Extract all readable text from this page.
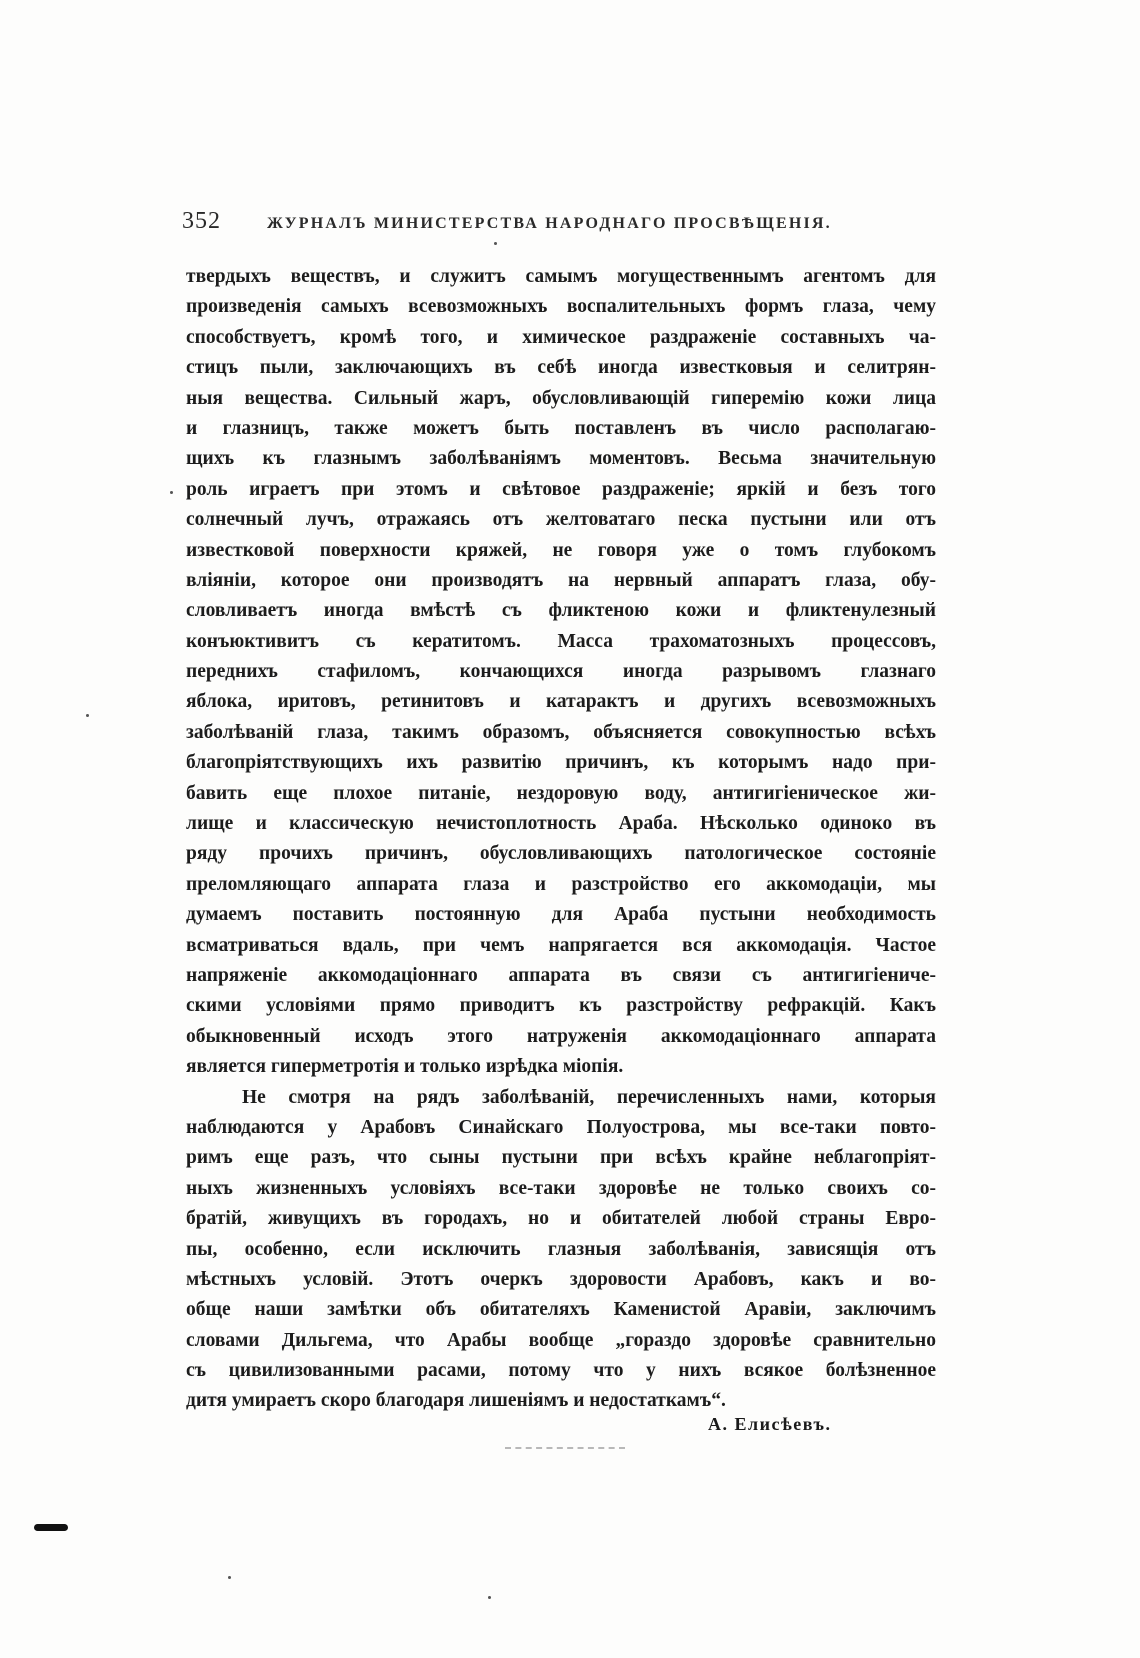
352	ЖУРНАЛЪ МИНИСТЕРСТВА НАРОДНАГО ПРОСВѢЩЕНІЯ.
твердыхъ веществъ, и служитъ самымъ могущественнымъ агентомъ для
произведенія самыхъ всевозможныхъ воспалительныхъ формъ глаза, чему
способствуетъ, кромѣ того, и химическое раздраженіе составныхъ ча-
стицъ пыли, заключающихъ въ себѣ иногда известковыя и селитрян-
ныя вещества. Сильный жаръ, обусловливающій гиперемію кожи лица
и глазницъ, также можетъ быть поставленъ въ число располагаю-
щихъ къ глазнымъ заболѣваніямъ моментовъ. Весьма значительную
роль играетъ при этомъ и свѣтовое раздраженіе; яркій и безъ того
солнечный лучъ, отражаясь отъ желтоватаго песка пустыни или отъ
известковой поверхности кряжей, не говоря уже о томъ глубокомъ
вліяніи, которое они производятъ на нервный аппаратъ глаза, обу-
словливаетъ иногда вмѣстѣ съ фликтеною кожи и фликтенулезный
конъюктивитъ съ кератитомъ. Масса трахоматозныхъ процессовъ,
переднихъ стафиломъ, кончающихся иногда разрывомъ глазнаго
яблока, иритовъ, ретинитовъ и катарактъ и другихъ всевозможныхъ
заболѣваній глаза, такимъ образомъ, объясняется совокупностью всѣхъ
благопріятствующихъ ихъ развитію причинъ, къ которымъ надо при-
бавить еще плохое питаніе, нездоровую воду, антигигіеническое жи-
лище и классическую нечистоплотность Араба. Нѣсколько одиноко въ
ряду прочихъ причинъ, обусловливающихъ патологическое состояніе
преломляющаго аппарата глаза и разстройство его аккомодаціи, мы
думаемъ поставить постоянную для Араба пустыни необходимость
всматриваться вдаль, при чемъ напрягается вся аккомодація. Частое
напряженіе аккомодаціоннаго аппарата въ связи съ антигигіениче-
скими условіями прямо приводитъ къ разстройству рефракцій. Какъ
обыкновенный исходъ этого натруженія аккомодаціоннаго аппарата
является гиперметротія и только изрѣдка міопія.
Не смотря на рядъ заболѣваній, перечисленныхъ нами, которыя
наблюдаются у Арабовъ Синайскаго Полуострова, мы все-таки повто-
римъ еще разъ, что сыны пустыни при всѣхъ крайне неблагопріят-
ныхъ жизненныхъ условіяхъ все-таки здоровѣе не только своихъ со-
братій, живущихъ въ городахъ, но и обитателей любой страны Евро-
пы, особенно, если исключить глазныя заболѣванія, зависящія отъ
мѣстныхъ условій. Этотъ очеркъ здоровости Арабовъ, какъ и во-
обще наши замѣтки объ обитателяхъ Каменистой Аравіи, заключимъ
словами Дильгема, что Арабы вообще „гораздо здоровѣе сравнительно
съ цивилизованными расами, потому что у нихъ всякое болѣзненное
дитя умираетъ скоро благодаря лишеніямъ и недостаткамъ“.
А. Елисѣевъ.
